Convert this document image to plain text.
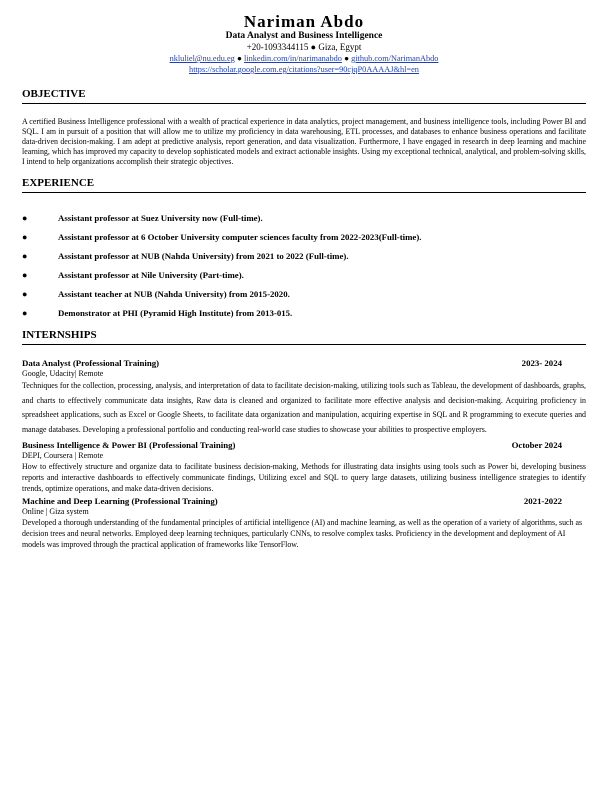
Nariman Abdo
Data Analyst and Business Intelligence
+20-1093344115 ● Giza, Egypt
nkluliel@nu.edu.eg ● linkedin.com/in/narimanabdo ● github.com/NarimanAbdo
https://scholar.google.com.eg/citations?user=90cjqP0AAAAJ&hl=en
OBJECTIVE
A certified Business Intelligence professional with a wealth of practical experience in data analytics, project management, and business intelligence tools, including Power BI and SQL. I am in pursuit of a position that will allow me to utilize my proficiency in data warehousing, ETL processes, and databases to enhance business operations and facilitate data-driven decision-making. I am adept at predictive analysis, report generation, and data visualization. Furthermore, I have engaged in research in deep learning and machine learning, which has improved my capacity to develop sophisticated models and extract actionable insights. Using my exceptional technical, analytical, and problem-solving skills, I intend to help organizations accomplish their strategic objectives.
EXPERIENCE
●	Assistant professor at Suez University now (Full-time).
●	Assistant professor at 6 October University computer sciences faculty from 2022-2023(Full-time).
●	Assistant professor at NUB (Nahda University) from 2021 to 2022 (Full-time).
●	Assistant professor at Nile University (Part-time).
●	Assistant teacher at NUB (Nahda University) from 2015-2020.
●	Demonstrator at PHI (Pyramid High Institute) from 2013-015.
INTERNSHIPS
Data Analyst (Professional Training)	2023- 2024
Google, Udacity| Remote
Techniques for the collection, processing, analysis, and interpretation of data to facilitate decision-making, utilizing tools such as Tableau, the development of dashboards, graphs, and charts to effectively communicate data insights, Raw data is cleaned and organized to facilitate more effective analysis and decision-making. Acquiring proficiency in spreadsheet applications, such as Excel or Google Sheets, to facilitate data organization and manipulation, acquiring expertise in SQL and R programming to execute queries and manage databases. Developing a professional portfolio and conducting real-world case studies to showcase your abilities to prospective employers.
Business Intelligence & Power BI (Professional Training)	October 2024
DEPI, Coursera | Remote
How to effectively structure and organize data to facilitate business decision-making, Methods for illustrating data insights using tools such as Power bi, developing business reports and interactive dashboards to effectively communicate findings, Utilizing excel and SQL to query large datasets, utilizing business intelligence strategies to identify trends, optimize operations, and make data-driven decisions.
Machine and Deep Learning (Professional Training)	2021-2022
Online | Giza system
Developed a thorough understanding of the fundamental principles of artificial intelligence (AI) and machine learning, as well as the operation of a variety of algorithms, such as decision trees and neural networks. Employed deep learning techniques, particularly CNNs, to resolve complex tasks. Proficiency in the development and deployment of AI models was improved through the practical application of frameworks like TensorFlow.
